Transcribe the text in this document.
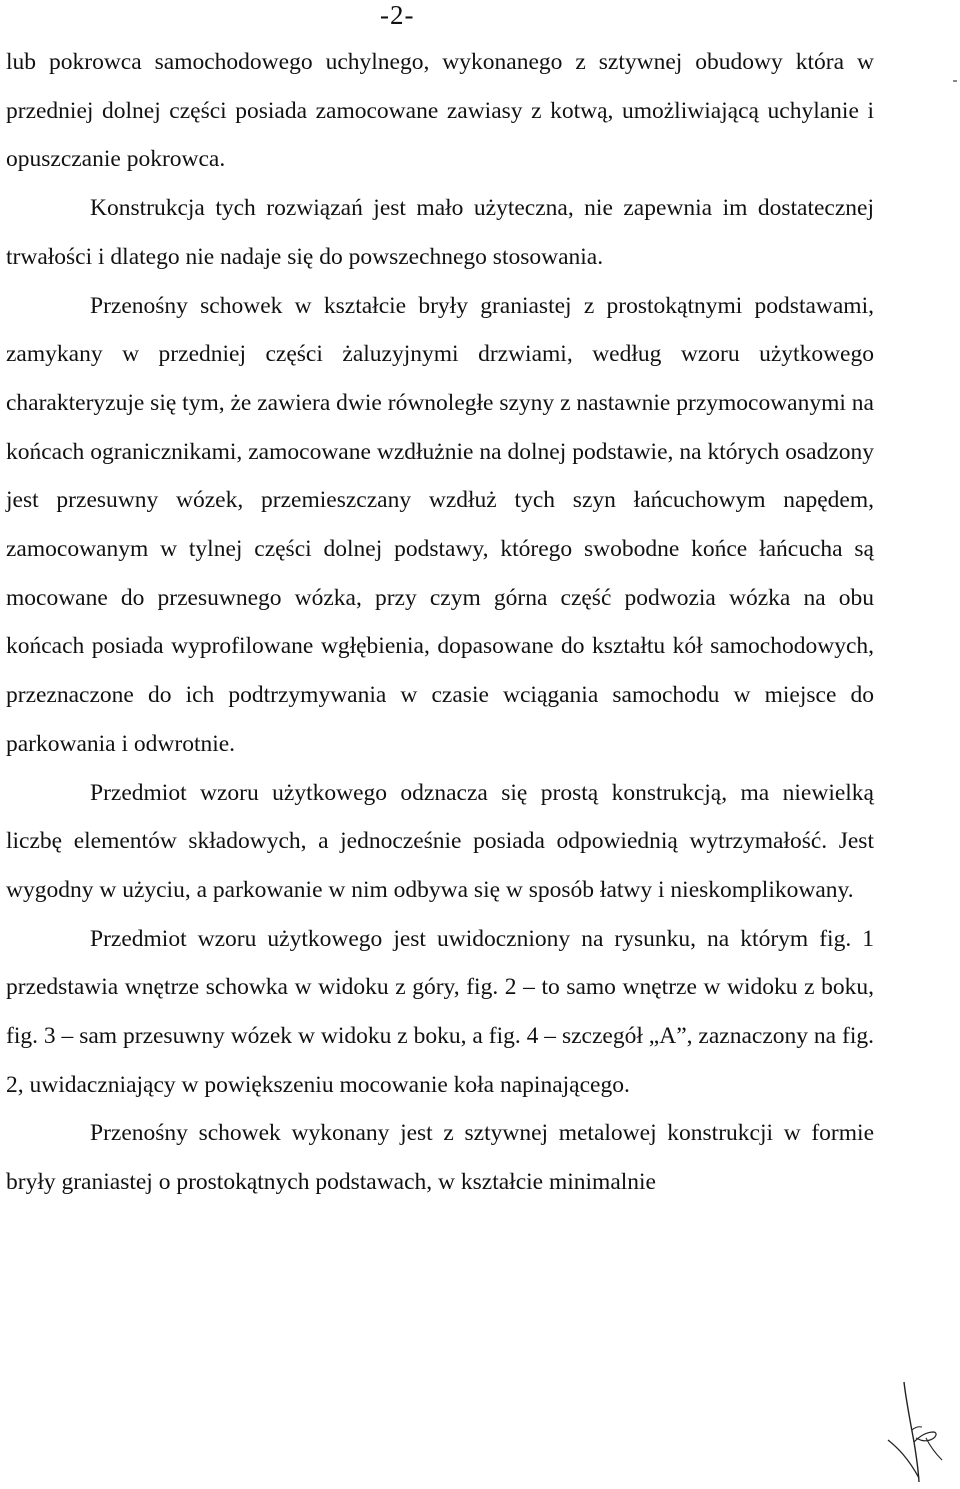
-2-

lub pokrowca samochodowego uchylnego, wykonanego z sztywnej obudowy która w przedniej dolnej części posiada zamocowane zawiasy z kotwą, umożliwiającą uchylanie i opuszczanie pokrowca.

Konstrukcja tych rozwiązań jest mało użyteczna, nie zapewnia im dostatecznej trwałości i dlatego nie nadaje się do powszechnego stosowania.

Przenośny schowek w kształcie bryły graniastej z prostokątnymi podstawami, zamykany w przedniej części żaluzyjnymi drzwiami, według wzoru użytkowego charakteryzuje się tym, że zawiera dwie równoległe szyny z nastawnie przymocowanymi na końcach ogranicznikami, zamocowane wzdłużnie na dolnej podstawie, na których osadzony jest przesuwny wózek, przemieszczany wzdłuż tych szyn łańcuchowym napędem, zamocowanym w tylnej części dolnej podstawy, którego swobodne końce łańcucha są mocowane do przesuwnego wózka, przy czym górna część podwozia wózka na obu końcach posiada wyprofilowane wgłębienia, dopasowane do kształtu kół samochodowych, przeznaczone do ich podtrzymywania w czasie wciągania samochodu w miejsce do parkowania i odwrotnie.

Przedmiot wzoru użytkowego odznacza się prostą konstrukcją, ma niewielką liczbę elementów składowych, a jednocześnie posiada odpowiednią wytrzymałość. Jest wygodny w użyciu, a parkowanie w nim odbywa się w sposób łatwy i nieskomplikowany.

Przedmiot wzoru użytkowego jest uwidoczniony na rysunku, na którym fig. 1 przedstawia wnętrze schowka w widoku z góry, fig. 2 – to samo wnętrze w widoku z boku, fig. 3 – sam przesuwny wózek w widoku z boku, a fig. 4 – szczegół „A”, zaznaczony na fig. 2, uwidaczniający w powiększeniu mocowanie koła napinającego.

Przenośny schowek wykonany jest z sztywnej metalowej konstrukcji w formie bryły graniastej o prostokątnych podstawach, w kształcie minimalnie
